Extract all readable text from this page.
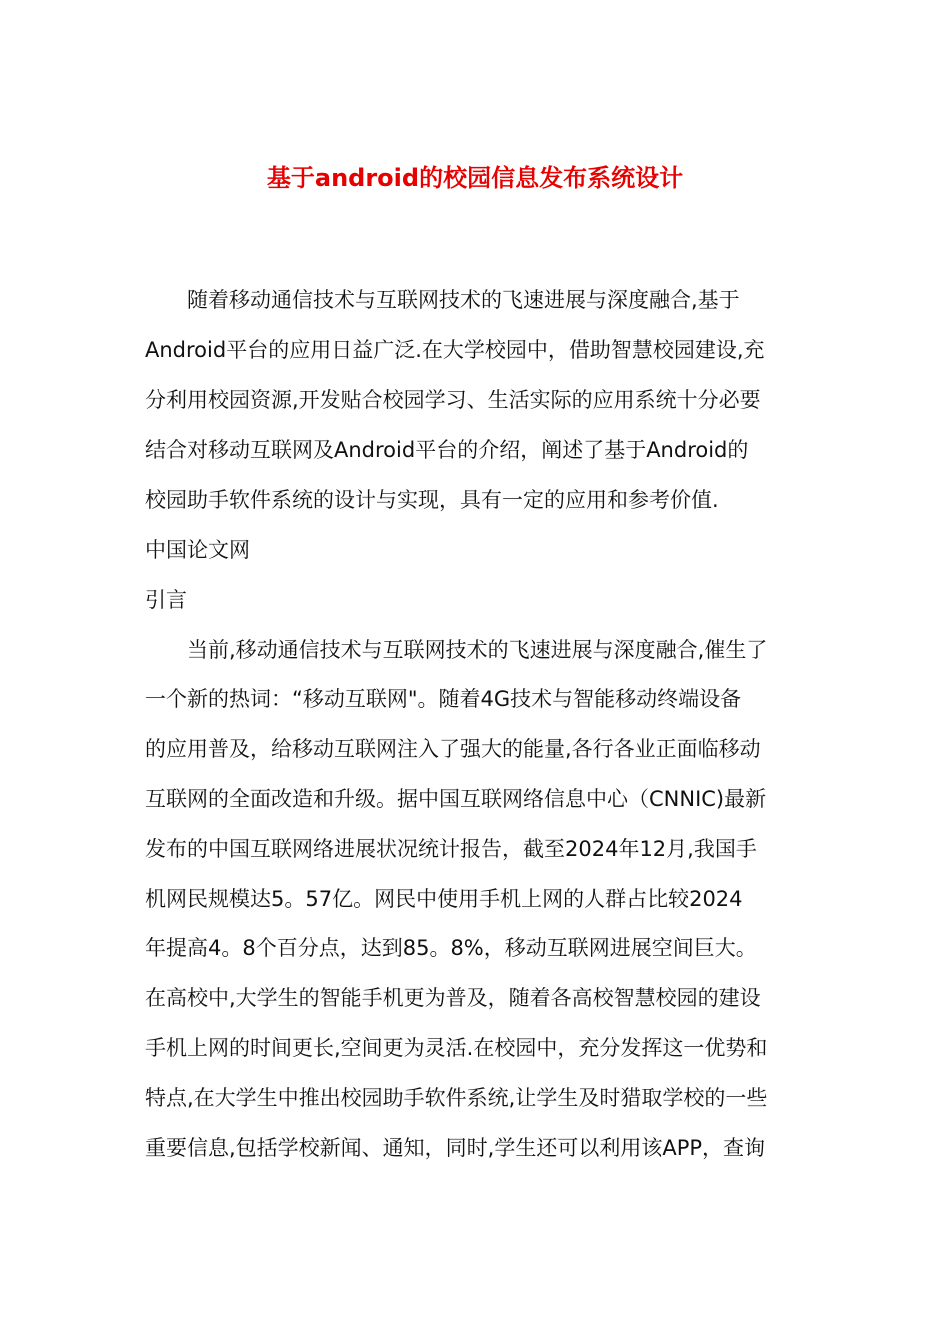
基于android的校园信息发布系统设计
随着移动通信技术与互联网技术的飞速进展与深度融合,基于
Android平台的应用日益广泛.在大学校园中，借助智慧校园建设,充
分利用校园资源,开发贴合校园学习、生活实际的应用系统十分必要
结合对移动互联网及Android平台的介绍，阐述了基于Android的
校园助手软件系统的设计与实现，具有一定的应用和参考价值.
中国论文网
引言
当前,移动通信技术与互联网技术的飞速进展与深度融合,催生了
一个新的热词：“移动互联网"。随着4G技术与智能移动终端设备
的应用普及，给移动互联网注入了强大的能量,各行各业正面临移动
互联网的全面改造和升级。据中国互联网络信息中心（CNNIC)最新
发布的中国互联网络进展状况统计报告，截至2024年12月,我国手
机网民规模达5。57亿。网民中使用手机上网的人群占比较2024
年提高4。8个百分点，达到85。8%，移动互联网进展空间巨大。
在高校中,大学生的智能手机更为普及，随着各高校智慧校园的建设
手机上网的时间更长,空间更为灵活.在校园中，充分发挥这一优势和
特点,在大学生中推出校园助手软件系统,让学生及时猎取学校的一些
重要信息,包括学校新闻、通知，同时,学生还可以利用该APP，查询
